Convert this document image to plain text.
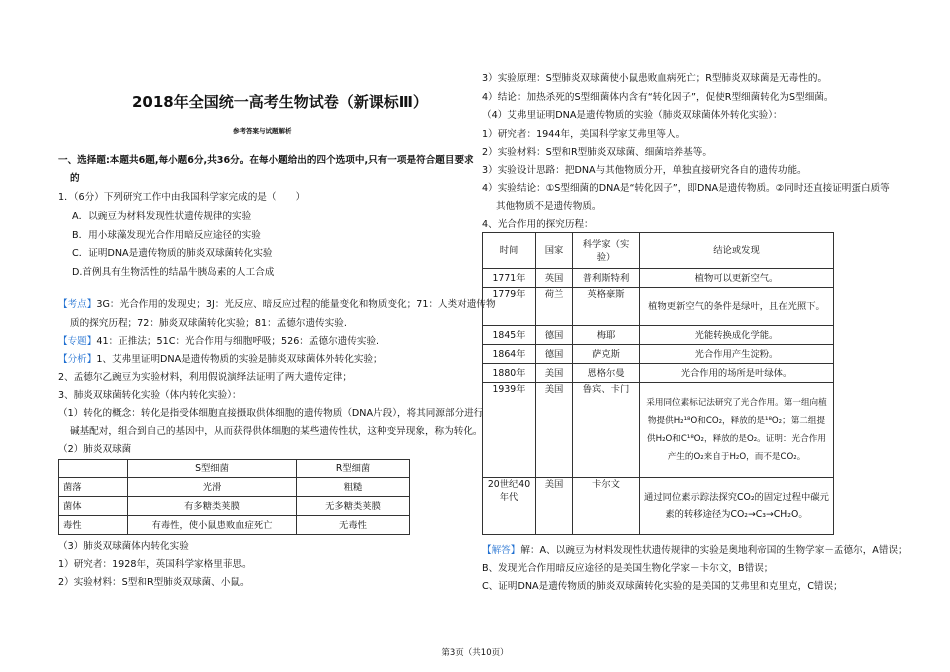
2018年全国统一高考生物试卷（新课标Ⅲ）
参考答案与试题解析
一、选择题:本题共6题,每小题6分,共36分。在每小题给出的四个选项中,只有一项是符合题目要求
的
1．（6分）下列研究工作中由我国科学家完成的是（　　）
A．以豌豆为材料发现性状遗传规律的实验
B．用小球藻发现光合作用暗反应途径的实验
C．证明DNA是遗传物质的肺炎双球菌转化实验
D.首例具有生物活性的结晶牛胰岛素的人工合成
【考点】3G：光合作用的发现史；3J：光反应、暗反应过程的能量变化和物质变化；71：人类对遗传物
质的探究历程；72：肺炎双球菌转化实验；81：孟德尔遗传实验.
【专题】41：正推法；51C：光合作用与细胞呼吸；526：孟德尔遗传实验.
【分析】1、艾弗里证明DNA是遗传物质的实验是肺炎双球菌体外转化实验；
2、孟德尔乙豌豆为实验材料，利用假说演绎法证明了两大遗传定律；
3、肺炎双球菌转化实验（体内转化实验）：
（1）转化的概念：转化是指受体细胞直接摄取供体细胞的遗传物质（DNA片段），将其同源部分进行
碱基配对，组合到自己的基因中，从而获得供体细胞的某些遗传性状，这种变异现象，称为转化。
（2）肺炎双球菌
	S型细菌	R型细菌
菌落	光滑	粗糙
菌体	有多糖类荚膜	无多糖类荚膜
毒性	有毒性，使小鼠患败血症死亡	无毒性
（3）肺炎双球菌体内转化实验
1）研究者：1928年，英国科学家格里菲思。
2）实验材料：S型和R型肺炎双球菌、小鼠。
3）实验原理：S型肺炎双球菌使小鼠患败血病死亡；R型肺炎双球菌是无毒性的。
4）结论：加热杀死的S型细菌体内含有“转化因子”，促使R型细菌转化为S型细菌。
（4）艾弗里证明DNA是遗传物质的实验（肺炎双球菌体外转化实验）：
1）研究者：1944年，美国科学家艾弗里等人。
2）实验材料：S型和R型肺炎双球菌、细菌培养基等。
3）实验设计思路：把DNA与其他物质分开，单独直接研究各自的遗传功能。
4）实验结论：①S型细菌的DNA是“转化因子”，即DNA是遗传物质。②同时还直接证明蛋白质等
其他物质不是遗传物质。
4、光合作用的探究历程：
时间	国家	科学家（实验）	结论或发现
1771年	英国	普利斯特利	植物可以更新空气。
1779年	荷兰	英格豪斯	植物更新空气的条件是绿叶，且在光照下。
1845年	德国	梅耶	光能转换成化学能。
1864年	德国	萨克斯	光合作用产生淀粉。
1880年	美国	恩格尔曼	光合作用的场所是叶绿体。
1939年	美国	鲁宾、卡门	采用同位素标记法研究了光合作用。第一组向植物提供H₂¹⁸O和CO₂，释放的是¹⁸O₂；第二组提供H₂O和C¹⁸O₂，释放的是O₂。证明：光合作用产生的O₂来自于H₂O，而不是CO₂。
20世纪40年代	美国	卡尔文	通过同位素示踪法探究CO₂的固定过程中碳元素的转移途径为CO₂→C₃→CH₂O。
【解答】解：A、以豌豆为材料发现性状遗传规律的实验是奥地利帝国的生物学家－孟德尔，A错误；
B、发现光合作用暗反应途径的是美国生物化学家－卡尔文，B错误；
C、证明DNA是遗传物质的肺炎双球菌转化实验的是美国的艾弗里和克里克，C错误；
第3页（共10页）
